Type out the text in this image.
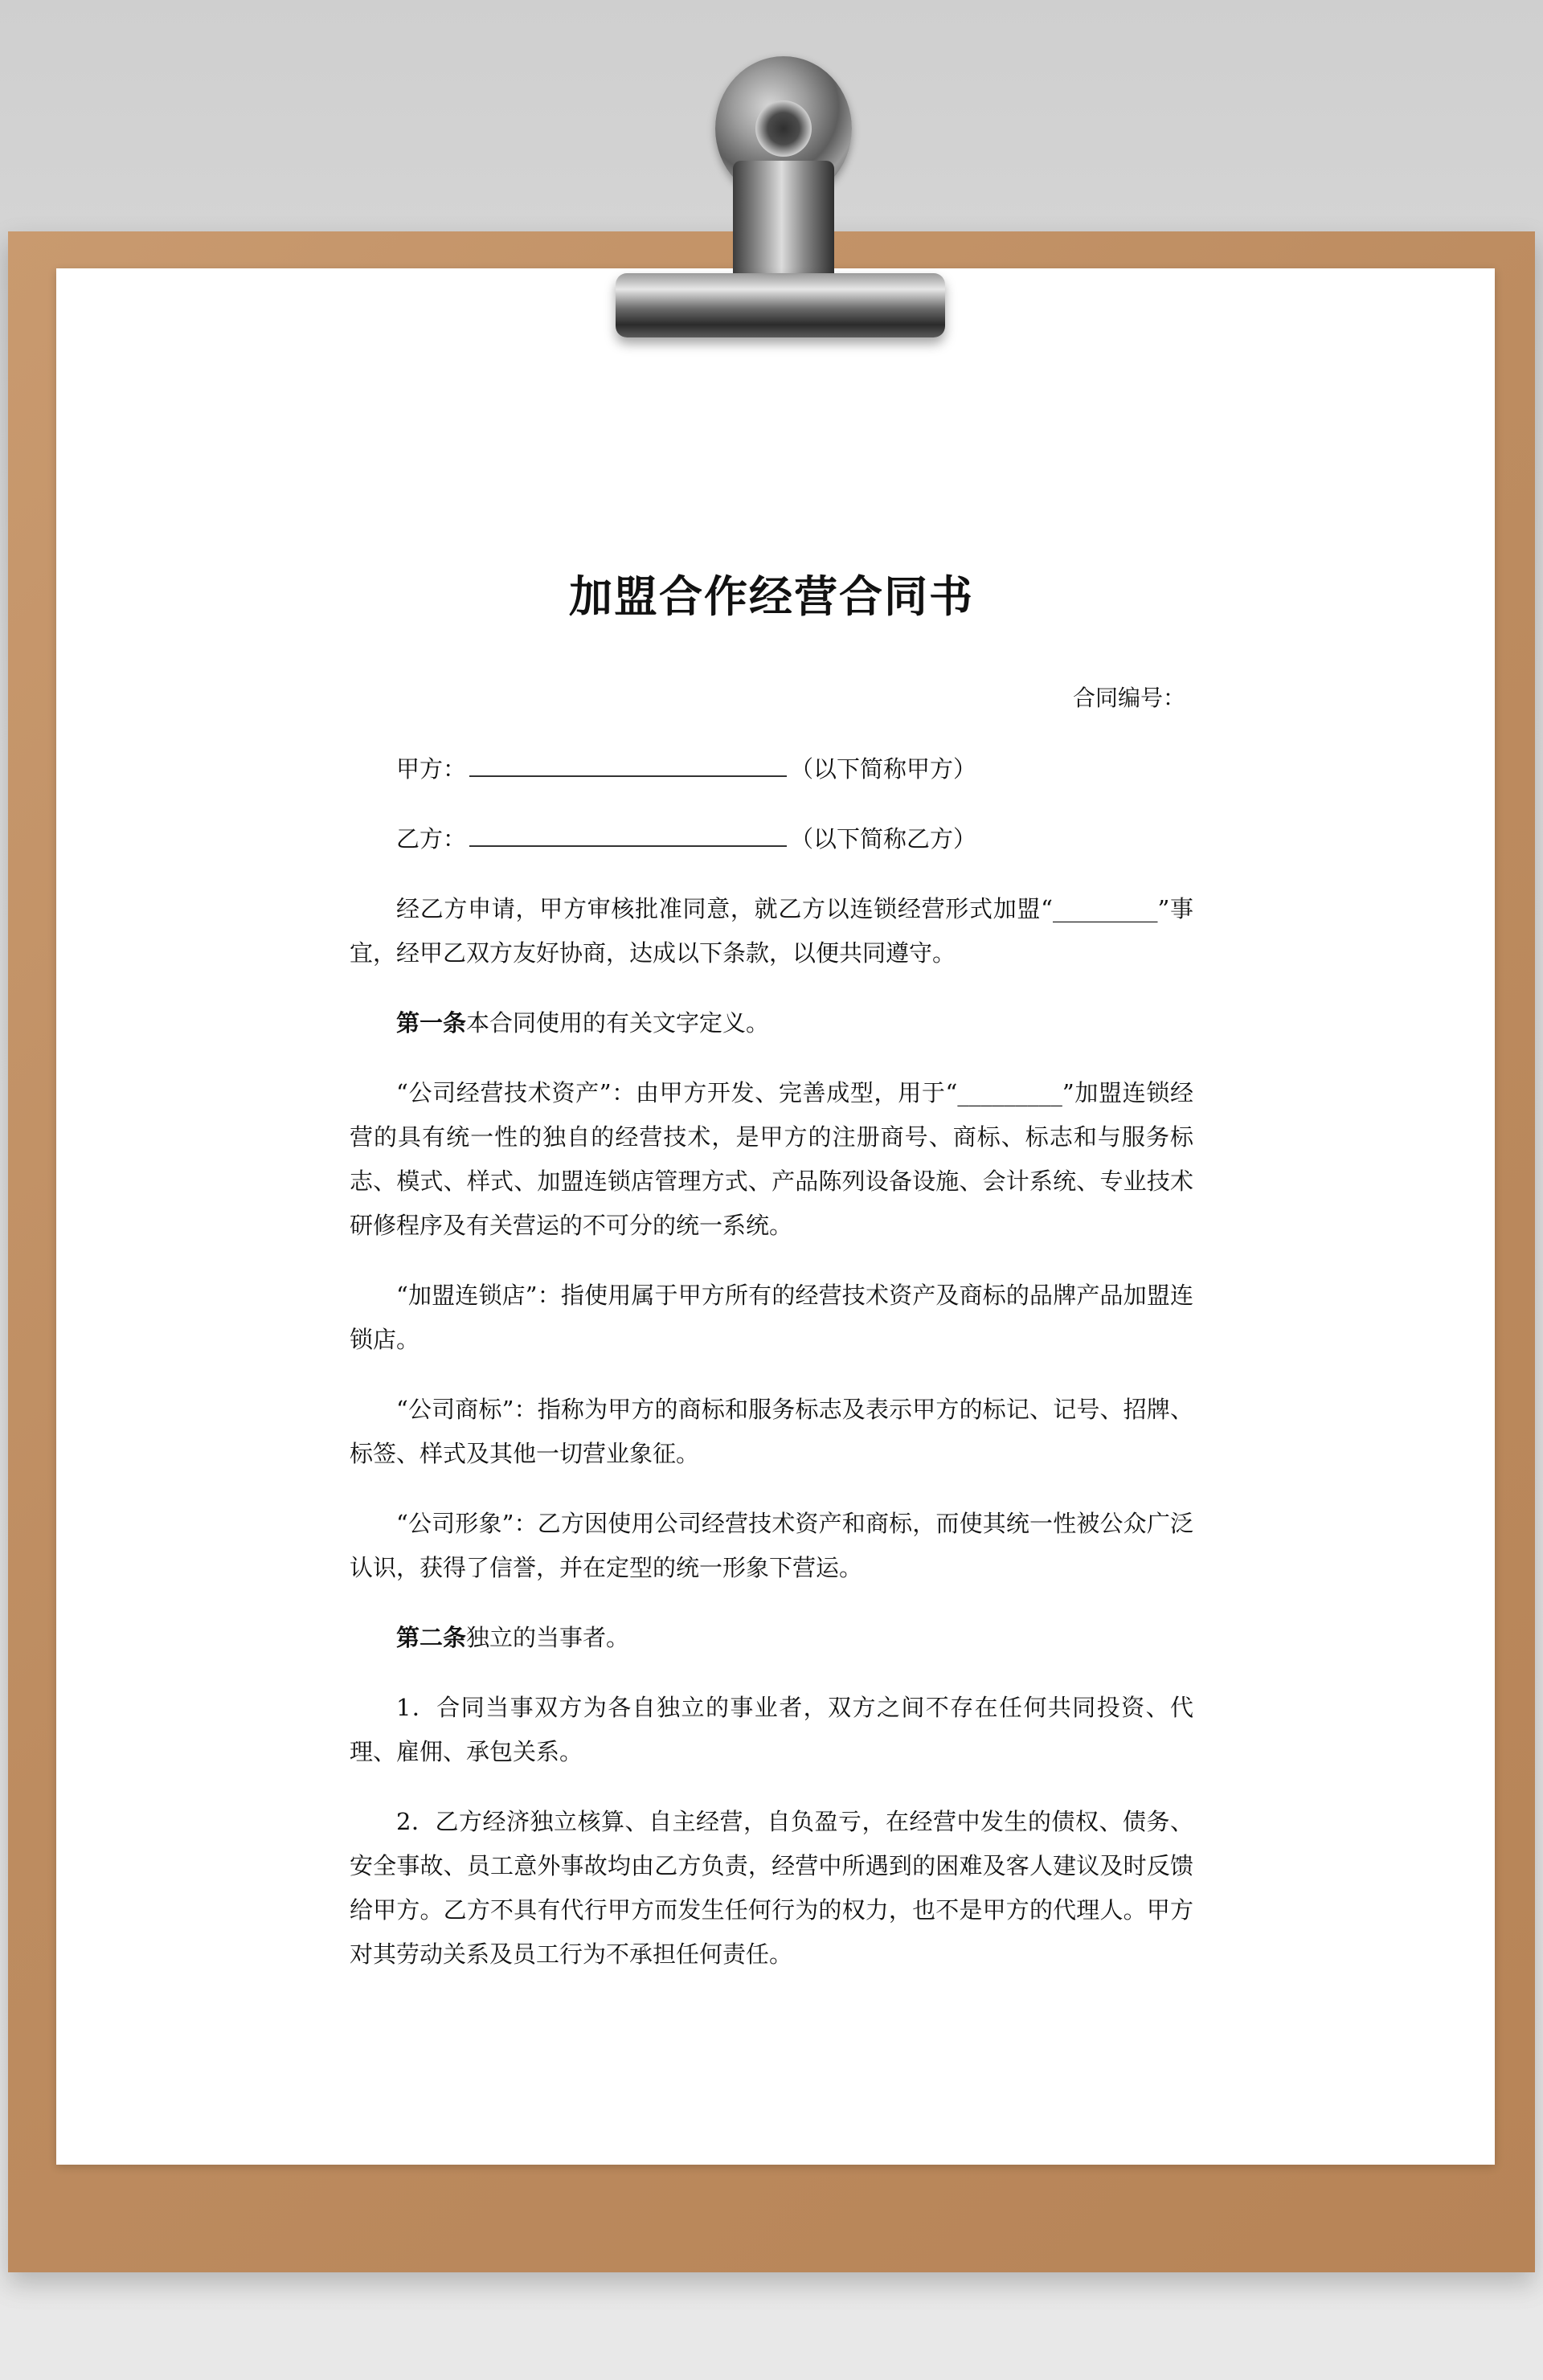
加盟合作经营合同书
合同编号：
甲方：	（以下简称甲方）
乙方：	（以下简称乙方）

经乙方申请，甲方审核批准同意，就乙方以连锁经营形式加盟“_________”事宜，经甲乙双方友好协商，达成以下条款，以便共同遵守。

第一条本合同使用的有关文字定义。

“公司经营技术资产”：由甲方开发、完善成型，用于“_________”加盟连锁经营的具有统一性的独自的经营技术，是甲方的注册商号、商标、标志和与服务标志、模式、样式、加盟连锁店管理方式、产品陈列设备设施、会计系统、专业技术研修程序及有关营运的不可分的统一系统。

“加盟连锁店”：指使用属于甲方所有的经营技术资产及商标的品牌产品加盟连锁店。

“公司商标”：指称为甲方的商标和服务标志及表示甲方的标记、记号、招牌、标签、样式及其他一切营业象征。

“公司形象”：乙方因使用公司经营技术资产和商标，而使其统一性被公众广泛认识，获得了信誉，并在定型的统一形象下营运。

第二条独立的当事者。

1．合同当事双方为各自独立的事业者，双方之间不存在任何共同投资、代理、雇佣、承包关系。

2．乙方经济独立核算、自主经营，自负盈亏，在经营中发生的债权、债务、安全事故、员工意外事故均由乙方负责，经营中所遇到的困难及客人建议及时反馈给甲方。乙方不具有代行甲方而发生任何行为的权力，也不是甲方的代理人。甲方对其劳动关系及员工行为不承担任何责任。
